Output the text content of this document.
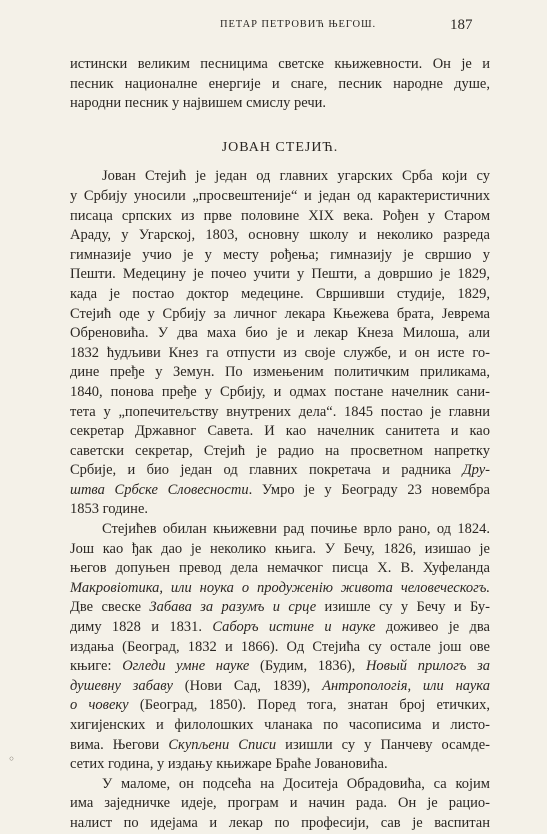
ПЕТАР ПЕТРОВИЋ ЊЕГОШ.	187
истински великим песницима светске књижевности. Он је и
песник националне енергије и снаге, песник народне душе,
народни песник у највишем смислу речи.
ЈОВАН СТЕЈИЋ.
Јован Стејић је један од главних угарских Срба који су
у Србију уносили „просвештеније“ и један од карактеристичних
писаца српских из прве половине XIX века. Рођен у Старом
Араду, у Угарској, 1803, основну школу и неколико разреда
гимназије учио је у месту рођења; гимназију је свршио у
Пешти. Медецину је почео учити у Пешти, а довршио је 1829,
када је постао доктор медецине. Свршивши студије, 1829,
Стејић оде у Србију за личног лекара Књежева брата, Јеврема
Обреновића. У два маха био је и лекар Кнеза Милоша, али
1832 ћудљиви Кнез га отпусти из своје службе, и он исте го-
дине пређе у Земун. По измењеним политичким приликама,
1840, понова пређе у Србију, и одмах постане начелник сани-
тета у „попечитељству внутрених дела“. 1845 постао је главни
секретар Државног Савета. И као начелник санитета и као
саветски секретар, Стејић је радио на просветном напретку
Србије, и био један од главних покретача и радника Дру-
штва Србске Словесности. Умро је у Београду 23 новембра
1853 године.
Стејићев обилан књижевни рад почиње врло рано, од 1824.
Још као ђак дао је неколико књига. У Бечу, 1826, изишао је
његов допуњен превод дела немачког писца Х. В. Хуфеланда
Макровіотика, или ноука о продуженію живота человеческогъ.
Две свеске Забава за разумъ и срце изишле су у Бечу и Бу-
диму 1828 и 1831. Саборъ истине и науке доживео је два
издања (Београд, 1832 и 1866). Од Стејића су остале још ове
књиге: Огледи умне науке (Будим, 1836), Новый прилогъ за
душевну забаву (Нови Сад, 1839), Антропологія, или наука
о човеку (Београд, 1850). Поред тога, знатан број етичких,
хигијенских и филолошких чланака по часописима и листо-
вима. Његови Скупљени Списи изишли су у Панчеву осамде-
сетих година, у издању књижаре Браће Јовановића.
У маломе, он подсећа на Доситеја Обрадовића, са којим
има заједничке идеје, програм и начин рада. Он је рацио-
налист по идејама и лекар по професији, сав је васпитан
◦
